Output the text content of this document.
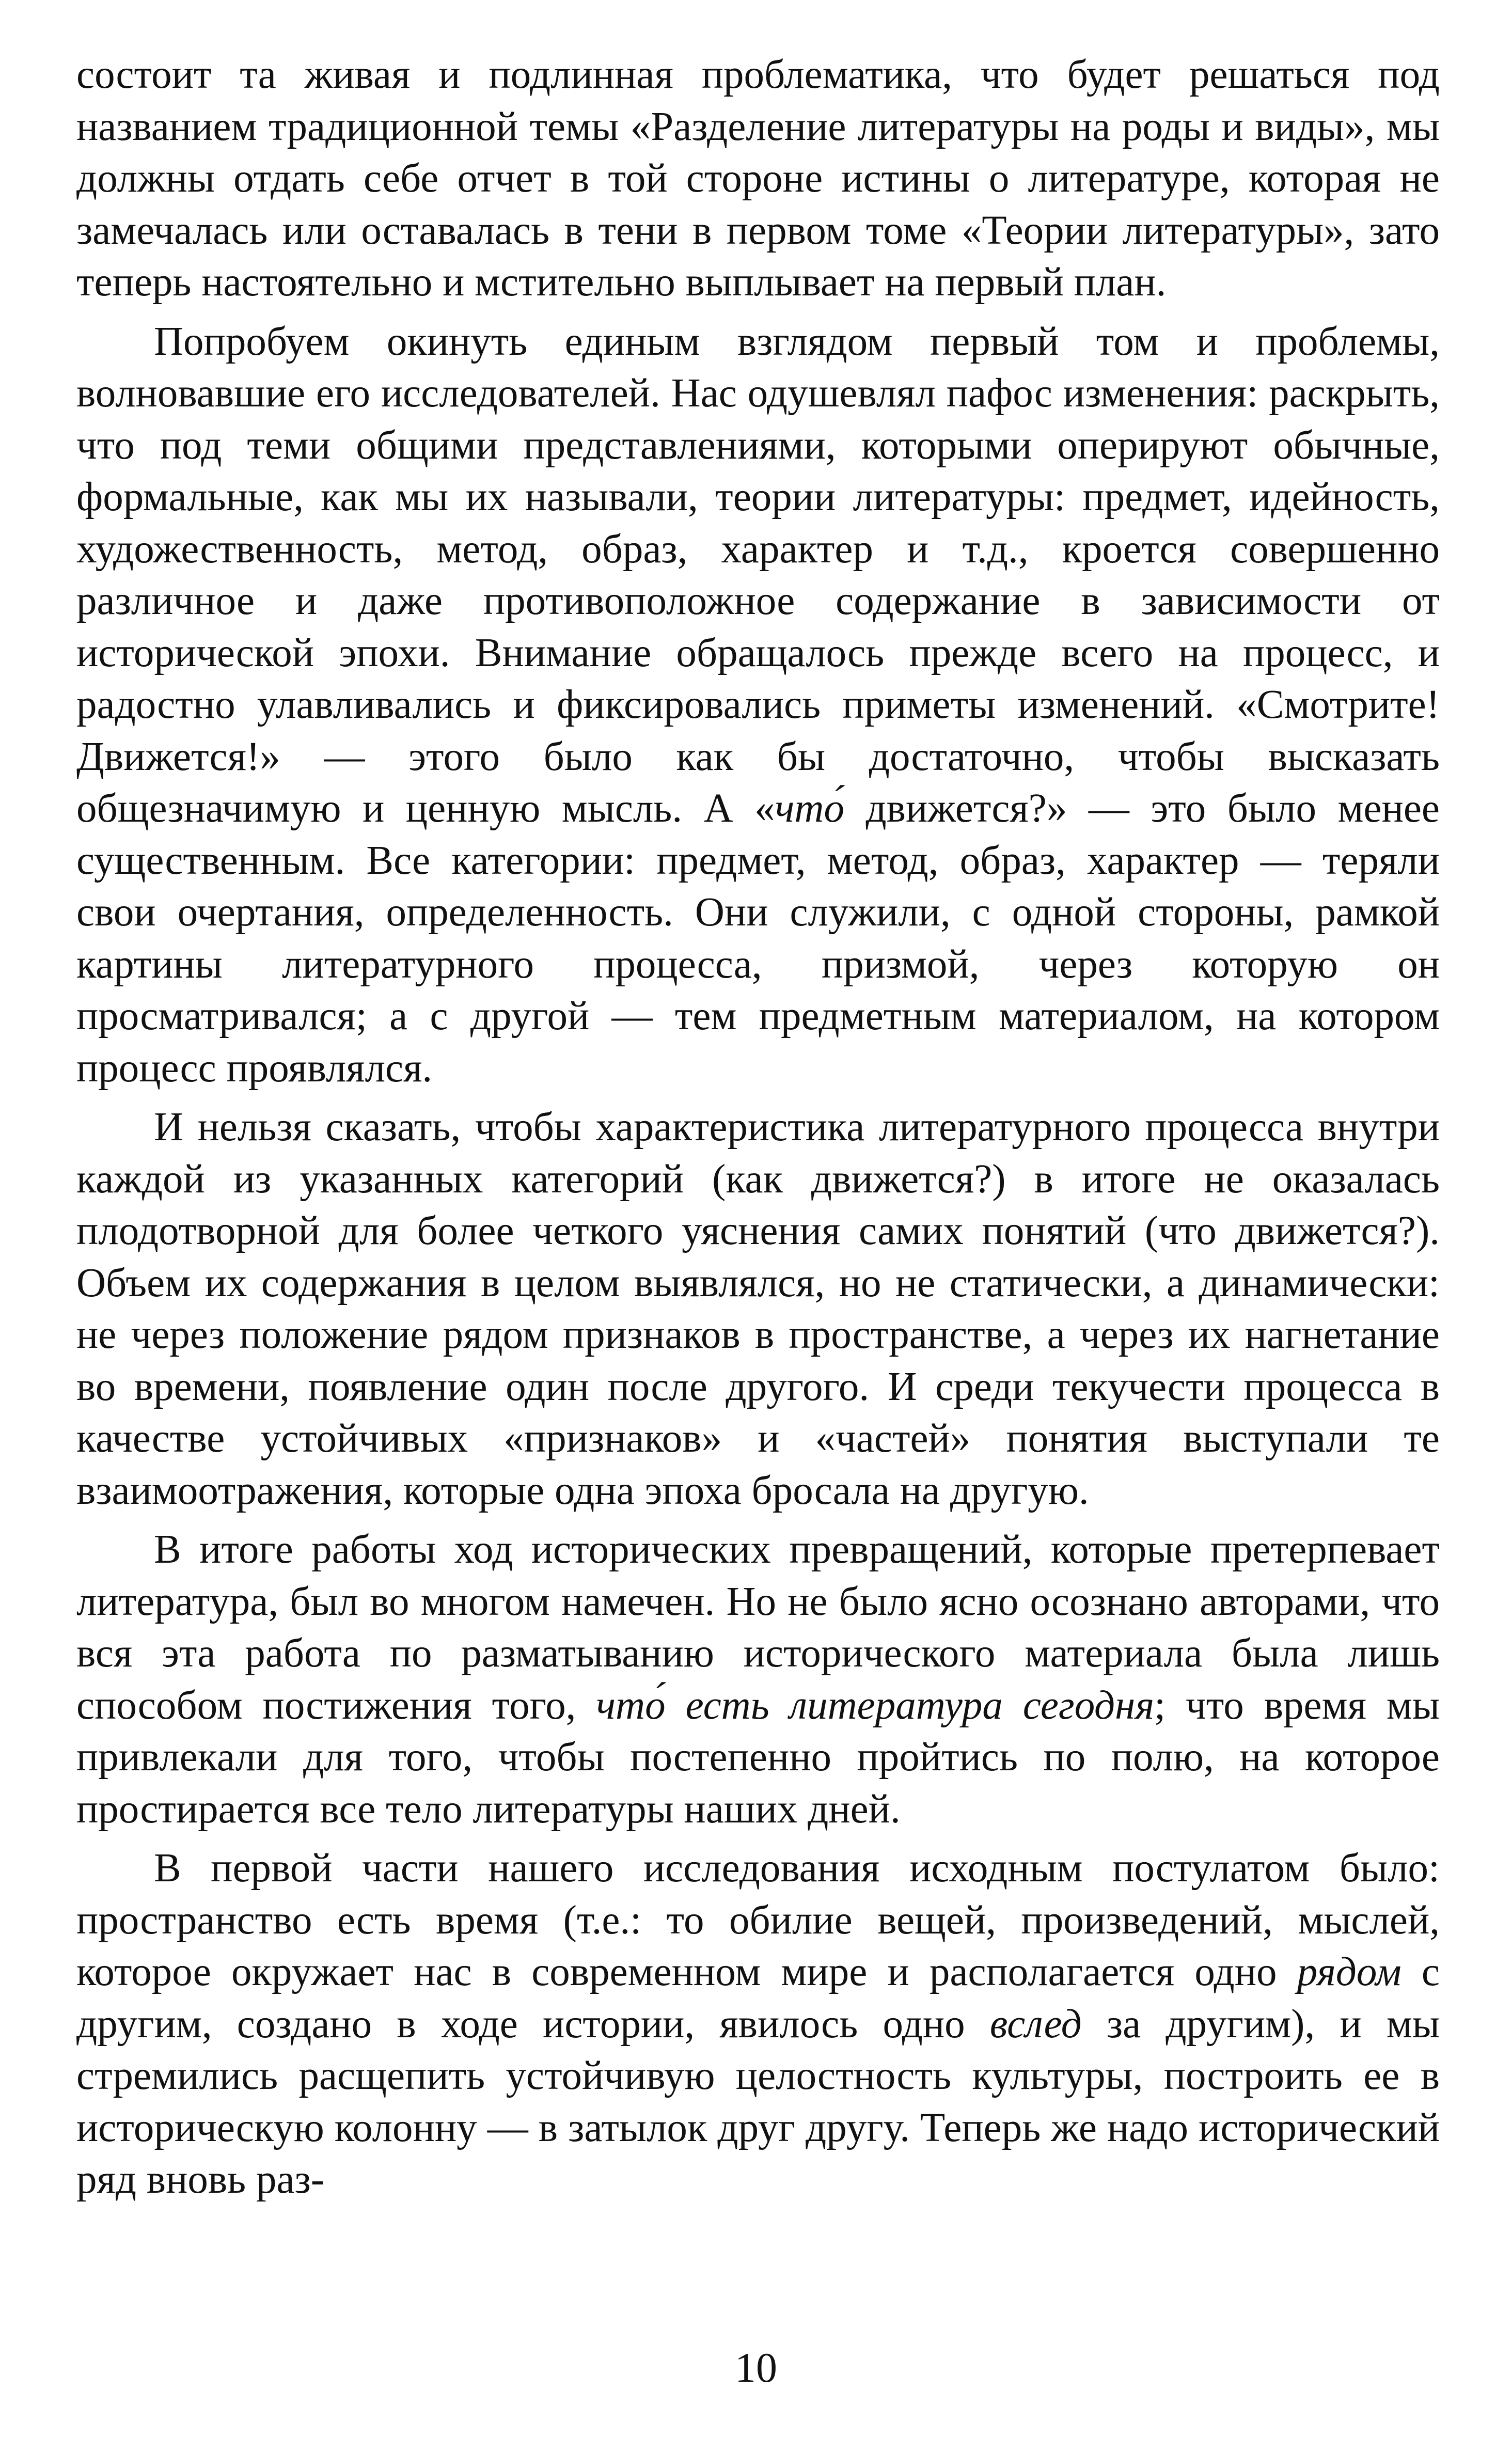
состоит та живая и подлинная проблематика, что будет решаться под названием традиционной темы «Разделение литературы на роды и виды», мы должны отдать себе отчет в той стороне истины о литературе, которая не замечалась или оставалась в тени в первом томе «Теории литературы», зато теперь настоятельно и мстительно выплывает на первый план.

Попробуем окинуть единым взглядом первый том и проблемы, волновавшие его исследователей. Нас одушевлял пафос изменения: раскрыть, что под теми общими представлениями, которыми оперируют обычные, формальные, как мы их называли, теории литературы: предмет, идейность, художественность, метод, образ, характер и т.д., кроется совершенно различное и даже противоположное содержание в зависимости от исторической эпохи. Внимание обращалось прежде всего на процесс, и радостно улавливались и фиксировались приметы изменений. «Смотрите! Движется!» — этого было как бы достаточно, чтобы высказать общезначимую и ценную мысль. А «что́ движется?» — это было менее существенным. Все категории: предмет, метод, образ, характер — теряли свои очертания, определенность. Они служили, с одной стороны, рамкой картины литературного процесса, призмой, через которую он просматривался; а с другой — тем предметным материалом, на котором процесс проявлялся.

И нельзя сказать, чтобы характеристика литературного процесса внутри каждой из указанных категорий (как движется?) в итоге не оказалась плодотворной для более четкого уяснения самих понятий (что движется?). Объем их содержания в целом выявлялся, но не статически, а динамически: не через положение рядом признаков в пространстве, а через их нагнетание во времени, появление один после другого. И среди текучести процесса в качестве устойчивых «признаков» и «частей» понятия выступали те взаимоотражения, которые одна эпоха бросала на другую.

В итоге работы ход исторических превращений, которые претерпевает литература, был во многом намечен. Но не было ясно осознано авторами, что вся эта работа по разматыванию исторического материала была лишь способом постижения того, что́ есть литература сегодня; что время мы привлекали для того, чтобы постепенно пройтись по полю, на которое простирается все тело литературы наших дней.

В первой части нашего исследования исходным постулатом было: пространство есть время (т.е.: то обилие вещей, произведений, мыслей, которое окружает нас в современном мире и располагается одно рядом с другим, создано в ходе истории, явилось одно вслед за другим), и мы стремились расщепить устойчивую целостность культуры, построить ее в историческую колонну — в затылок друг другу. Теперь же надо исторический ряд вновь раз-

10
